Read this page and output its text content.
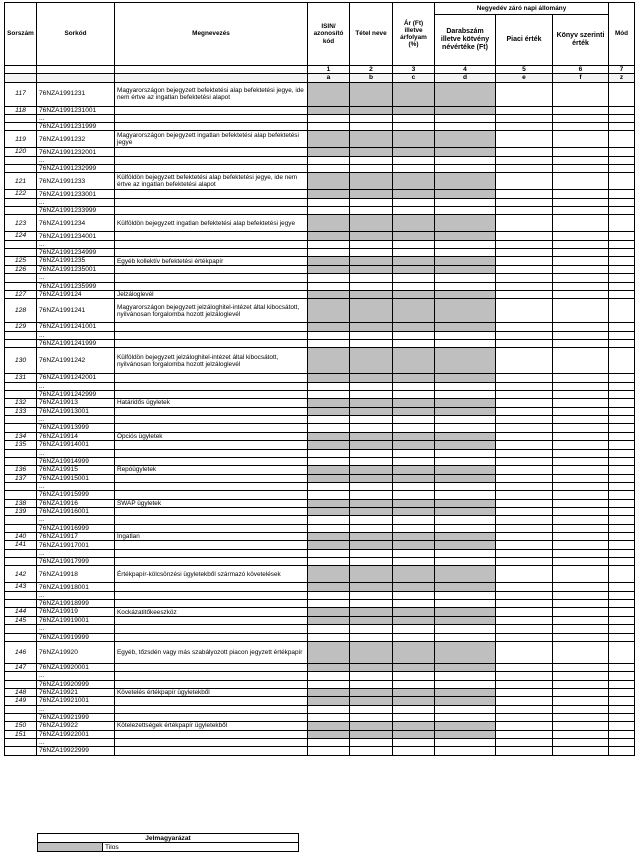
Sorszám	Sorkód	Megnevezés	ISIN/ azonosító kód	Tétel neve	Ár (Ft) illetve árfolyam (%)	Negyedév záró napi állomány			Mód
						Darabszám illetve kötvény névértéke (Ft)	Piaci érték	Könyv szerinti érték	
			1	2	3	4	5	6	7
			a	b	c	d	e	f	z
117	76NZA1991231	Magyarországon bejegyzett befektetési alap befektetési jegye, ide nem értve az ingatlan befektetési alapot							
118	76NZA1991231001								
	...								
	76NZA1991231999								
119	76NZA1991232	Magyarországon bejegyzett ingatlan befektetési alap befektetési jegye							
120	76NZA1991232001								
	...								
	76NZA1991232999								
121	76NZA1991233	Külföldön bejegyzett befektetési alap befektetési jegye, ide nem értve az ingatlan befektetési alapot							
122	76NZA1991233001								
	...								
	76NZA1991233999								
123	76NZA1991234	Külföldön bejegyzett ingatlan befektetési alap befektetési jegye							
124	76NZA1991234001								
	...								
	76NZA1991234999								
125	76NZA1991235	Egyéb kollektív befektetési értékpapír							
126	76NZA1991235001								
	...								
	76NZA1991235999								
127	76NZA199124	Jelzáloglevél							
128	76NZA1991241	Magyarországon bejegyzett jelzáloghitel-intézet által kibocsátott, nyilvánosan forgalomba hozott jelzáloglevél							
129	76NZA1991241001								
	...								
	76NZA1991241999								
130	76NZA1991242	Külföldön bejegyzett jelzáloghitel-intézet által kibocsátott, nyilvánosan forgalomba hozott jelzáloglevél							
131	76NZA1991242001								
	...								
	76NZA1991242999								
132	76NZA19913	Határidős ügyletek							
133	76NZA19913001								
	...								
	76NZA19913999								
134	76NZA19914	Opciós ügyletek							
135	76NZA19914001								
	...								
	76NZA19914999								
136	76NZA19915	Repóügyletek							
137	76NZA19915001								
	...								
	76NZA19915999								
138	76NZA19916	SWAP ügyletek							
139	76NZA19916001								
	...								
	76NZA19916999								
140	76NZA19917	Ingatlan							
141	76NZA19917001								
	...								
	76NZA19917999								
142	76NZA19918	Értékpapír-kölcsönzési ügyletekből származó követelések							
143	76NZA19918001								
	...								
	76NZA19918999								
144	76NZA19919	Kockázatitőkeeszköz							
145	76NZA19919001								
	...								
	76NZA19919999								
146	76NZA19920	Egyéb, tőzsdén vagy más szabályozott piacon jegyzett értékpapír							
147	76NZA19920001								
	...								
	76NZA19920999								
148	76NZA19921	Követelés értékpapír ügyletekből							
149	76NZA19921001								
	...								
	76NZA19921999								
150	76NZA19922	Kötelezettségek értékpapír ügyletekből							
151	76NZA19922001								
	...								
	76NZA19922999								
Jelmagyarázat
	Tilos
